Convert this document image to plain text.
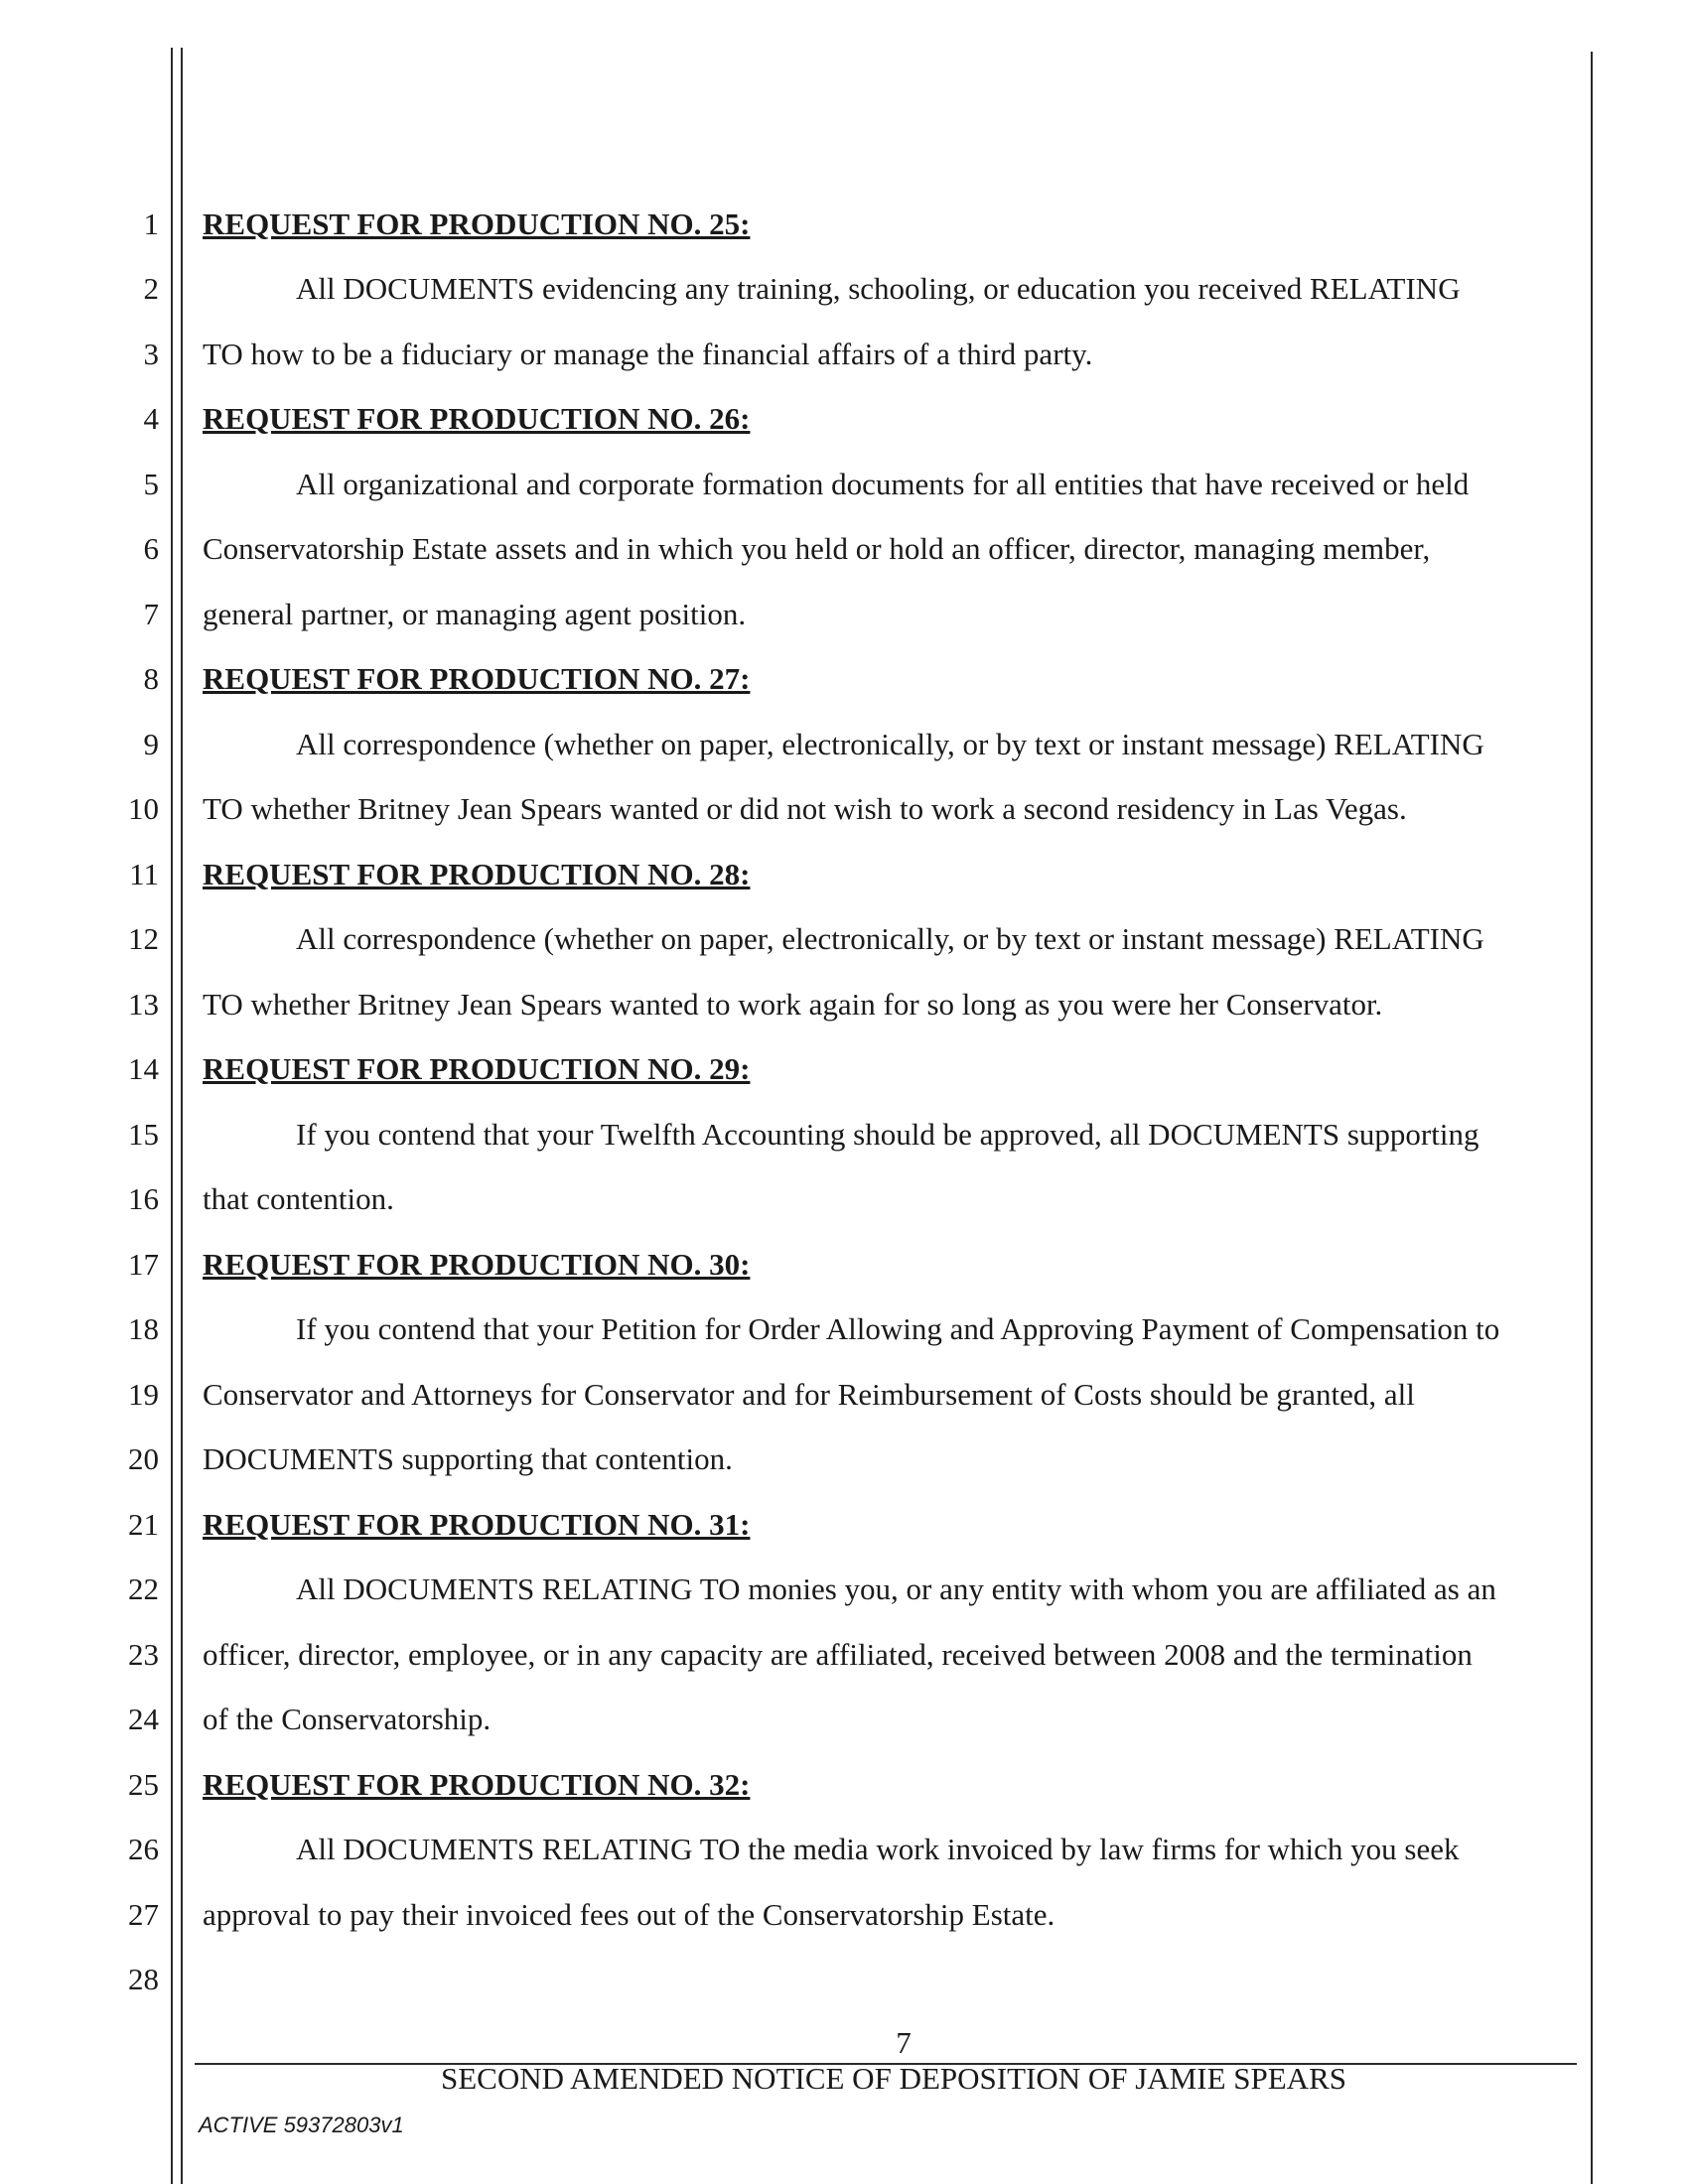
1
2
3
4
5
6
7
8
9
10
11
12
13
14
15
16
17
18
19
20
21
22
23
24
25
26
27
28
REQUEST FOR PRODUCTION NO. 25:
All DOCUMENTS evidencing any training, schooling, or education you received RELATING
TO how to be a fiduciary or manage the financial affairs of a third party.
REQUEST FOR PRODUCTION NO. 26:
All organizational and corporate formation documents for all entities that have received or held
Conservatorship Estate assets and in which you held or hold an officer, director, managing member,
general partner, or managing agent position.
REQUEST FOR PRODUCTION NO. 27:
All correspondence (whether on paper, electronically, or by text or instant message) RELATING
TO whether Britney Jean Spears wanted or did not wish to work a second residency in Las Vegas.
REQUEST FOR PRODUCTION NO. 28:
All correspondence (whether on paper, electronically, or by text or instant message) RELATING
TO whether Britney Jean Spears wanted to work again for so long as you were her Conservator.
REQUEST FOR PRODUCTION NO. 29:
If you contend that your Twelfth Accounting should be approved, all DOCUMENTS supporting
that contention.
REQUEST FOR PRODUCTION NO. 30:
If you contend that your Petition for Order Allowing and Approving Payment of Compensation to
Conservator and Attorneys for Conservator and for Reimbursement of Costs should be granted, all
DOCUMENTS supporting that contention.
REQUEST FOR PRODUCTION NO. 31:
All DOCUMENTS RELATING TO monies you, or any entity with whom you are affiliated as an
officer, director, employee, or in any capacity are affiliated, received between 2008 and the termination
of the Conservatorship.
REQUEST FOR PRODUCTION NO. 32:
All DOCUMENTS RELATING TO the media work invoiced by law firms for which you seek
approval to pay their invoiced fees out of the Conservatorship Estate.
7
SECOND AMENDED NOTICE OF DEPOSITION OF JAMIE SPEARS
ACTIVE 59372803v1
